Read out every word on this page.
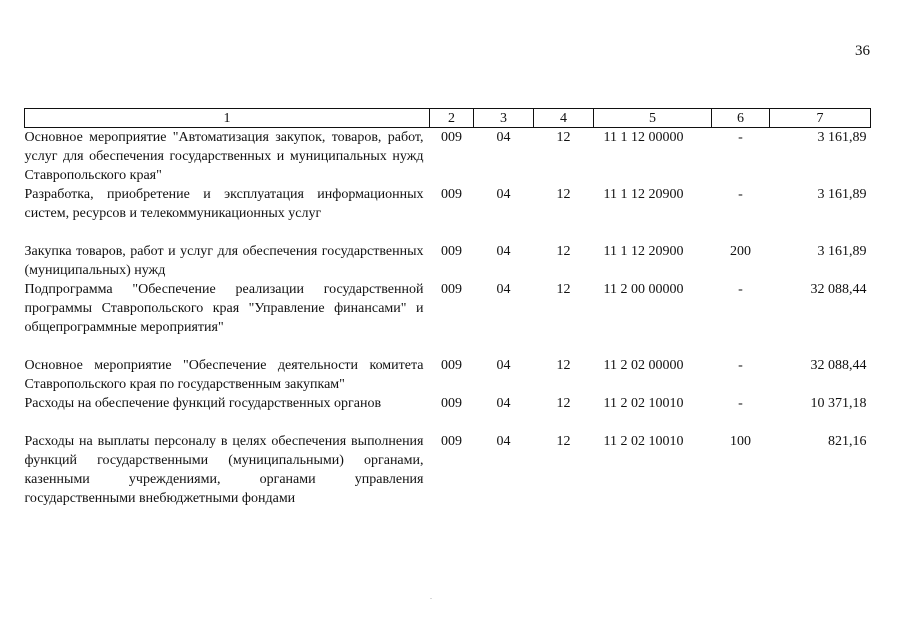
36
1	2	3	4	5	6	7
Основное мероприятие "Автоматизация закупок, товаров, работ, услуг для обеспечения государственных и муниципальных нужд Ставропольского края"	009	04	12	11 1 12 00000	-	3 161,89
Разработка, приобретение и эксплуатация информационных систем, ресурсов и телекоммуникационных услуг	009	04	12	11 1 12 20900	-	3 161,89
Закупка товаров, работ и услуг для обеспечения государственных (муниципальных) нужд	009	04	12	11 1 12 20900	200	3 161,89
Подпрограмма "Обеспечение реализации государственной программы Ставропольского края "Управление финансами" и общепрограммные мероприятия"	009	04	12	11 2 00 00000	-	32 088,44
Основное мероприятие "Обеспечение деятельности комитета Ставропольского края по государственным закупкам"	009	04	12	11 2 02 00000	-	32 088,44
Расходы на обеспечение функций государственных органов	009	04	12	11 2 02 10010	-	10 371,18
Расходы на выплаты персоналу в целях обеспечения выполнения функций государственными (муниципальными) органами, казенными учреждениями, органами управления государственными внебюджетными фондами	009	04	12	11 2 02 10010	100	821,16
